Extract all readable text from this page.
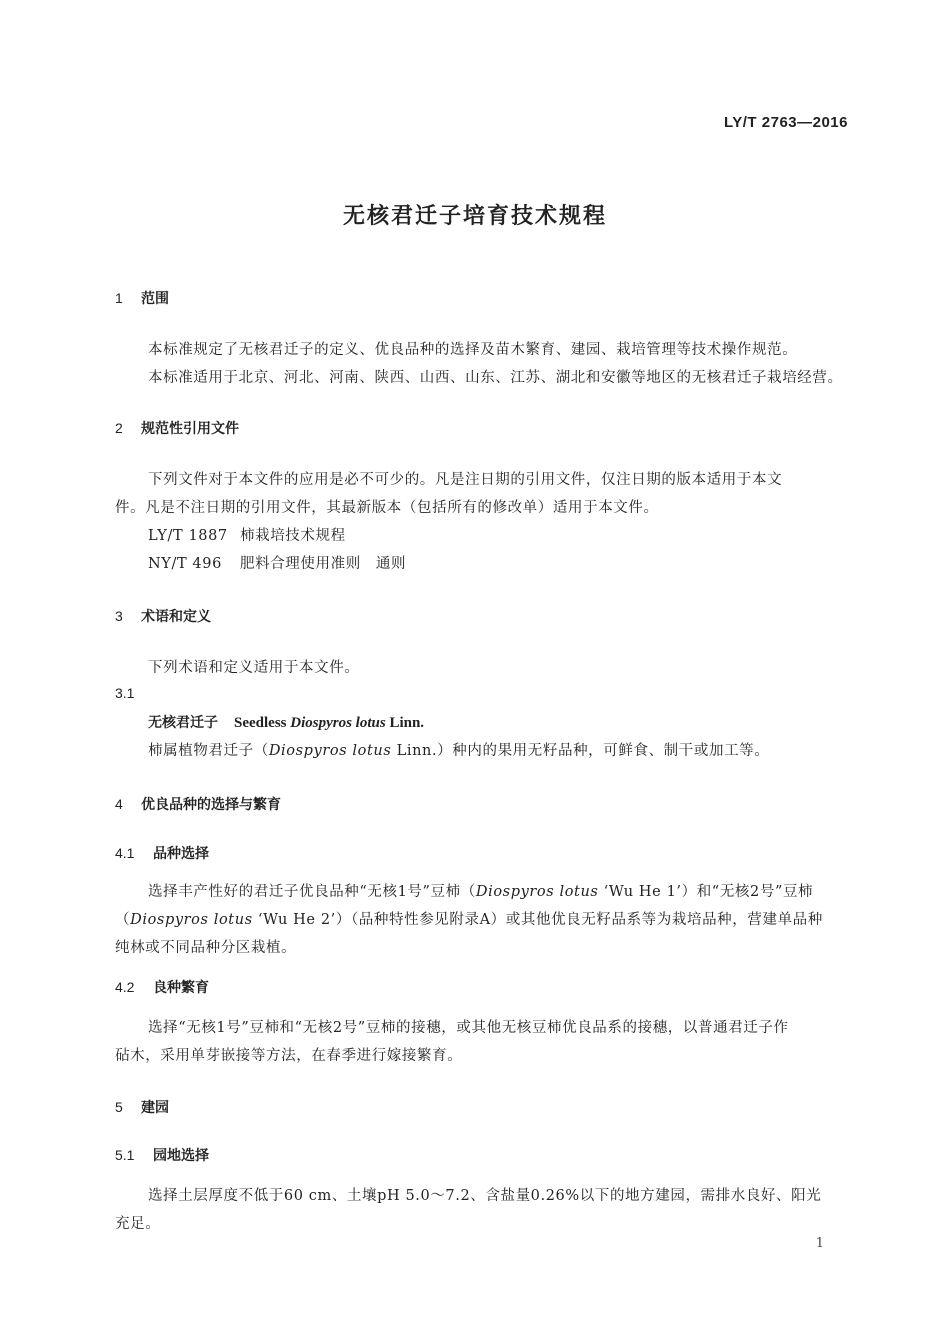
LY/T 2763—2016
无核君迁子培育技术规程
1 范围
本标准规定了无核君迁子的定义、优良品种的选择及苗木繁育、建园、栽培管理等技术操作规范。
本标准适用于北京、河北、河南、陕西、山西、山东、江苏、湖北和安徽等地区的无核君迁子栽培经营。
2 规范性引用文件
下列文件对于本文件的应用是必不可少的。凡是注日期的引用文件，仅注日期的版本适用于本文
件。凡是不注日期的引用文件，其最新版本（包括所有的修改单）适用于本文件。
LY/T 1887 柿栽培技术规程
NY/T 496 肥料合理使用准则　通则
3 术语和定义
下列术语和定义适用于本文件。
3.1
无核君迁子 Seedless Diospyros lotus Linn.
柿属植物君迁子（Diospyros lotus Linn.）种内的果用无籽品种，可鲜食、制干或加工等。
4 优良品种的选择与繁育
4.1 品种选择
选择丰产性好的君迁子优良品种“无核1号”豆柿（Diospyros lotus ‘Wu He 1’）和“无核2号”豆柿
（Diospyros lotus ‘Wu He 2’）（品种特性参见附录A）或其他优良无籽品系等为栽培品种，营建单品种
纯林或不同品种分区栽植。
4.2 良种繁育
选择“无核1号”豆柿和“无核2号”豆柿的接穗，或其他无核豆柿优良品系的接穗，以普通君迁子作
砧木，采用单芽嵌接等方法，在春季进行嫁接繁育。
5 建园
5.1 园地选择
选择土层厚度不低于60 cm、土壤pH 5.0～7.2、含盐量0.26%以下的地方建园，需排水良好、阳光
充足。
1
